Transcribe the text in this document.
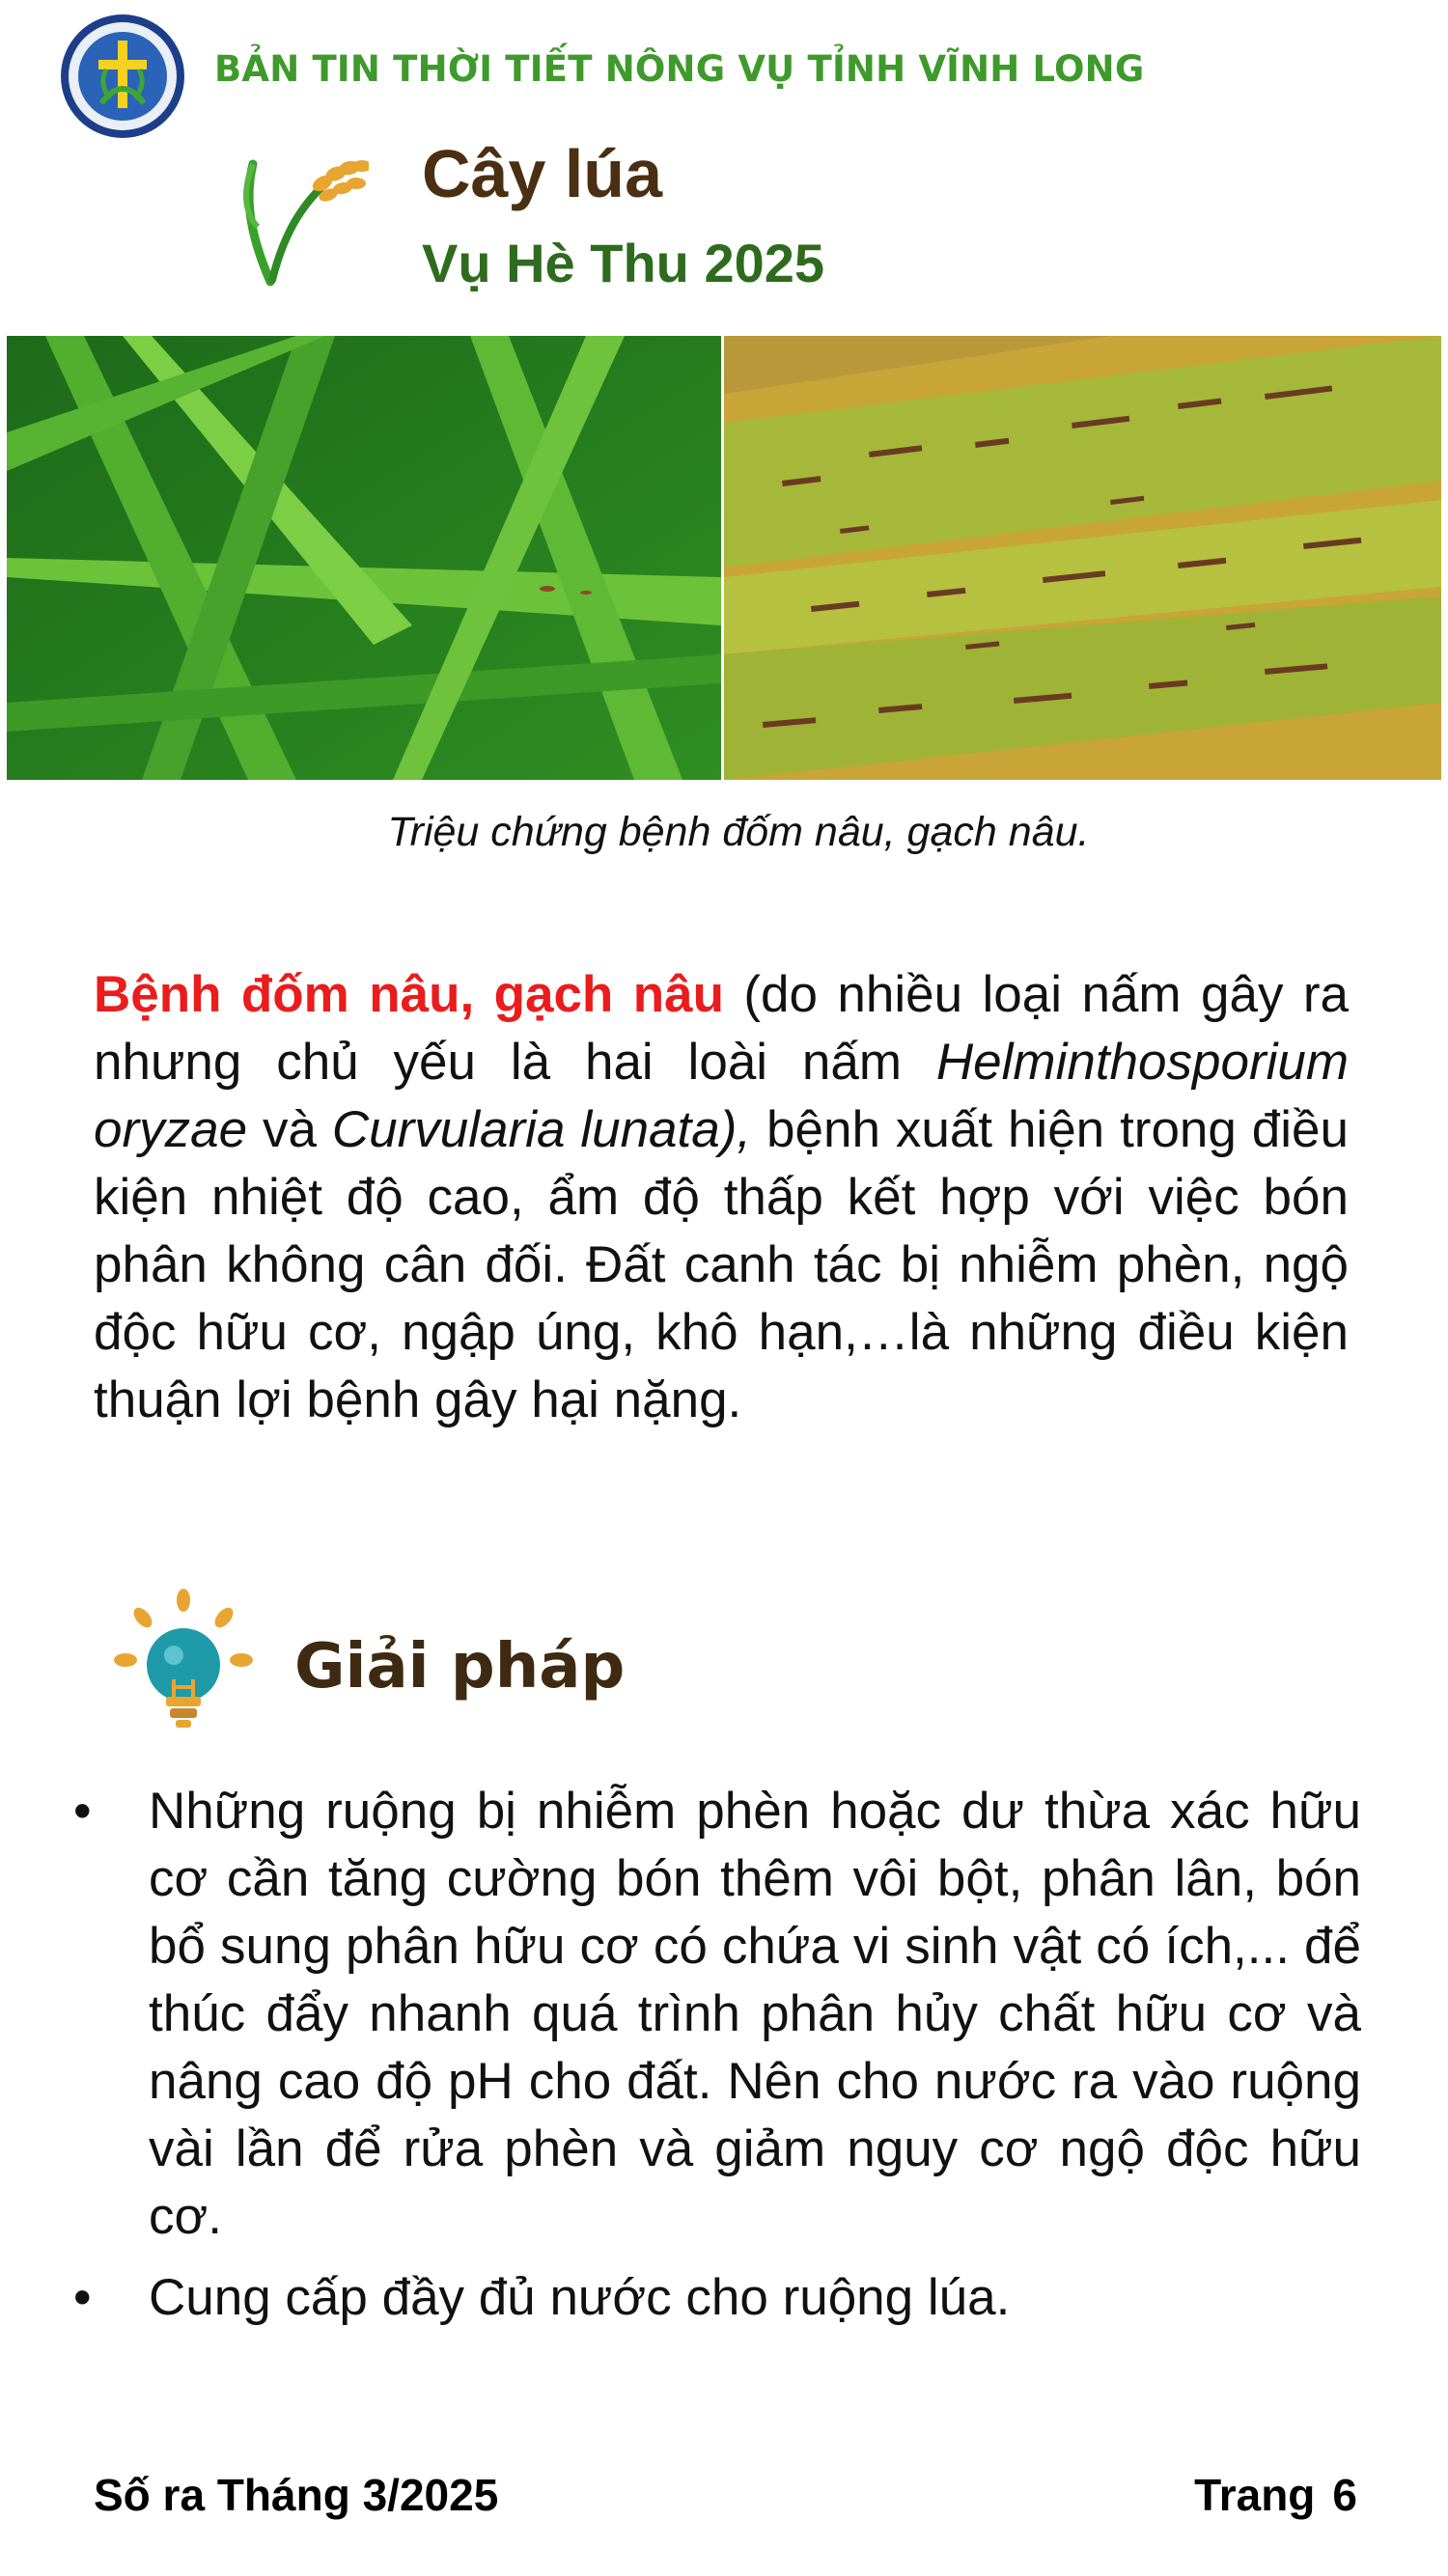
BẢN TIN THỜI TIẾT NÔNG VỤ TỈNH VĨNH LONG
Cây lúa
Vụ Hè Thu 2025
Triệu chứng bệnh đốm nâu, gạch nâu.
Bệnh đốm nâu, gạch nâu (do nhiều loại nấm gây ra nhưng chủ yếu là hai loài nấm Helminthosporium oryzae và Curvularia lunata), bệnh xuất hiện trong điều kiện nhiệt độ cao, ẩm độ thấp kết hợp với việc bón phân không cân đối. Đất canh tác bị nhiễm phèn, ngộ độc hữu cơ, ngập úng, khô hạn,…là những điều kiện thuận lợi bệnh gây hại nặng.
Giải pháp
• Những ruộng bị nhiễm phèn hoặc dư thừa xác hữu cơ cần tăng cường bón thêm vôi bột, phân lân, bón bổ sung phân hữu cơ có chứa vi sinh vật có ích,... để thúc đẩy nhanh quá trình phân hủy chất hữu cơ và nâng cao độ pH cho đất. Nên cho nước ra vào ruộng vài lần để rửa phèn và giảm nguy cơ ngộ độc hữu cơ.
• Cung cấp đầy đủ nước cho ruộng lúa.
Số ra Tháng 3/2025	Trang 6
